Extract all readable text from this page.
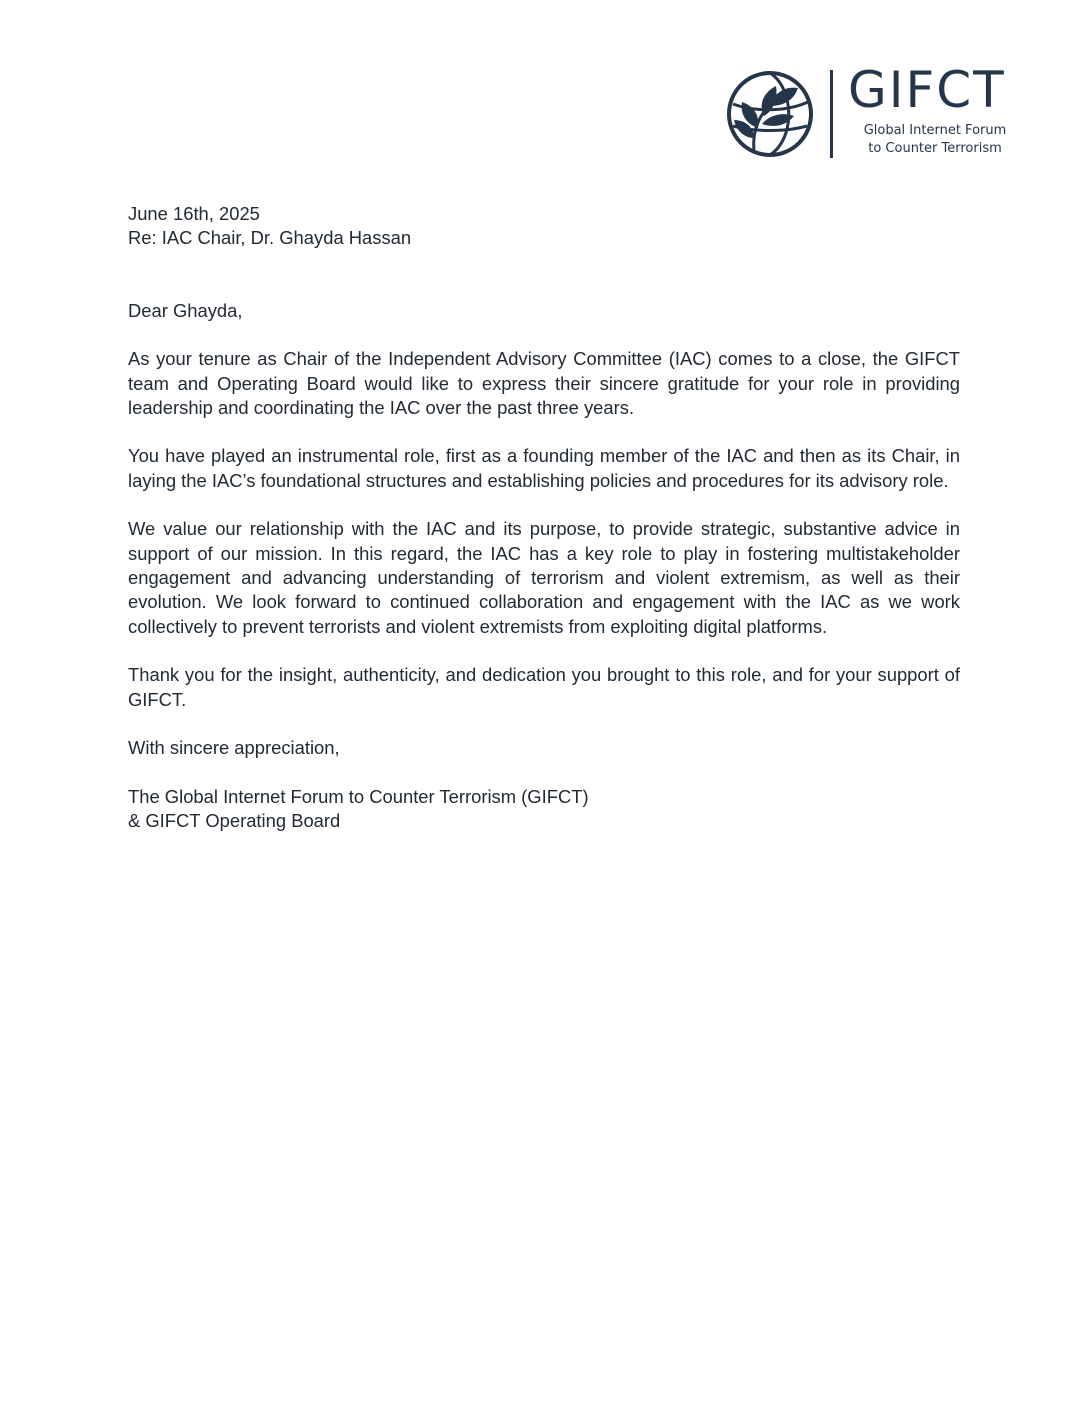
GIFCT
Global Internet Forum
to Counter Terrorism

June 16th, 2025

Re: IAC Chair, Dr. Ghayda Hassan

Dear Ghayda,

As your tenure as Chair of the Independent Advisory Committee (IAC) comes to a close, the GIFCT team and Operating Board would like to express their sincere gratitude for your role in providing leadership and coordinating the IAC over the past three years.

You have played an instrumental role, first as a founding member of the IAC and then as its Chair, in laying the IAC’s foundational structures and establishing policies and procedures for its advisory role.

We value our relationship with the IAC and its purpose, to provide strategic, substantive advice in support of our mission. In this regard, the IAC has a key role to play in fostering multistakeholder engagement and advancing understanding of terrorism and violent extremism, as well as their evolution. We look forward to continued collaboration and engagement with the IAC as we work collectively to prevent terrorists and violent extremists from exploiting digital platforms.

Thank you for the insight, authenticity, and dedication you brought to this role, and for your support of GIFCT.

With sincere appreciation,

The Global Internet Forum to Counter Terrorism (GIFCT)

& GIFCT Operating Board
